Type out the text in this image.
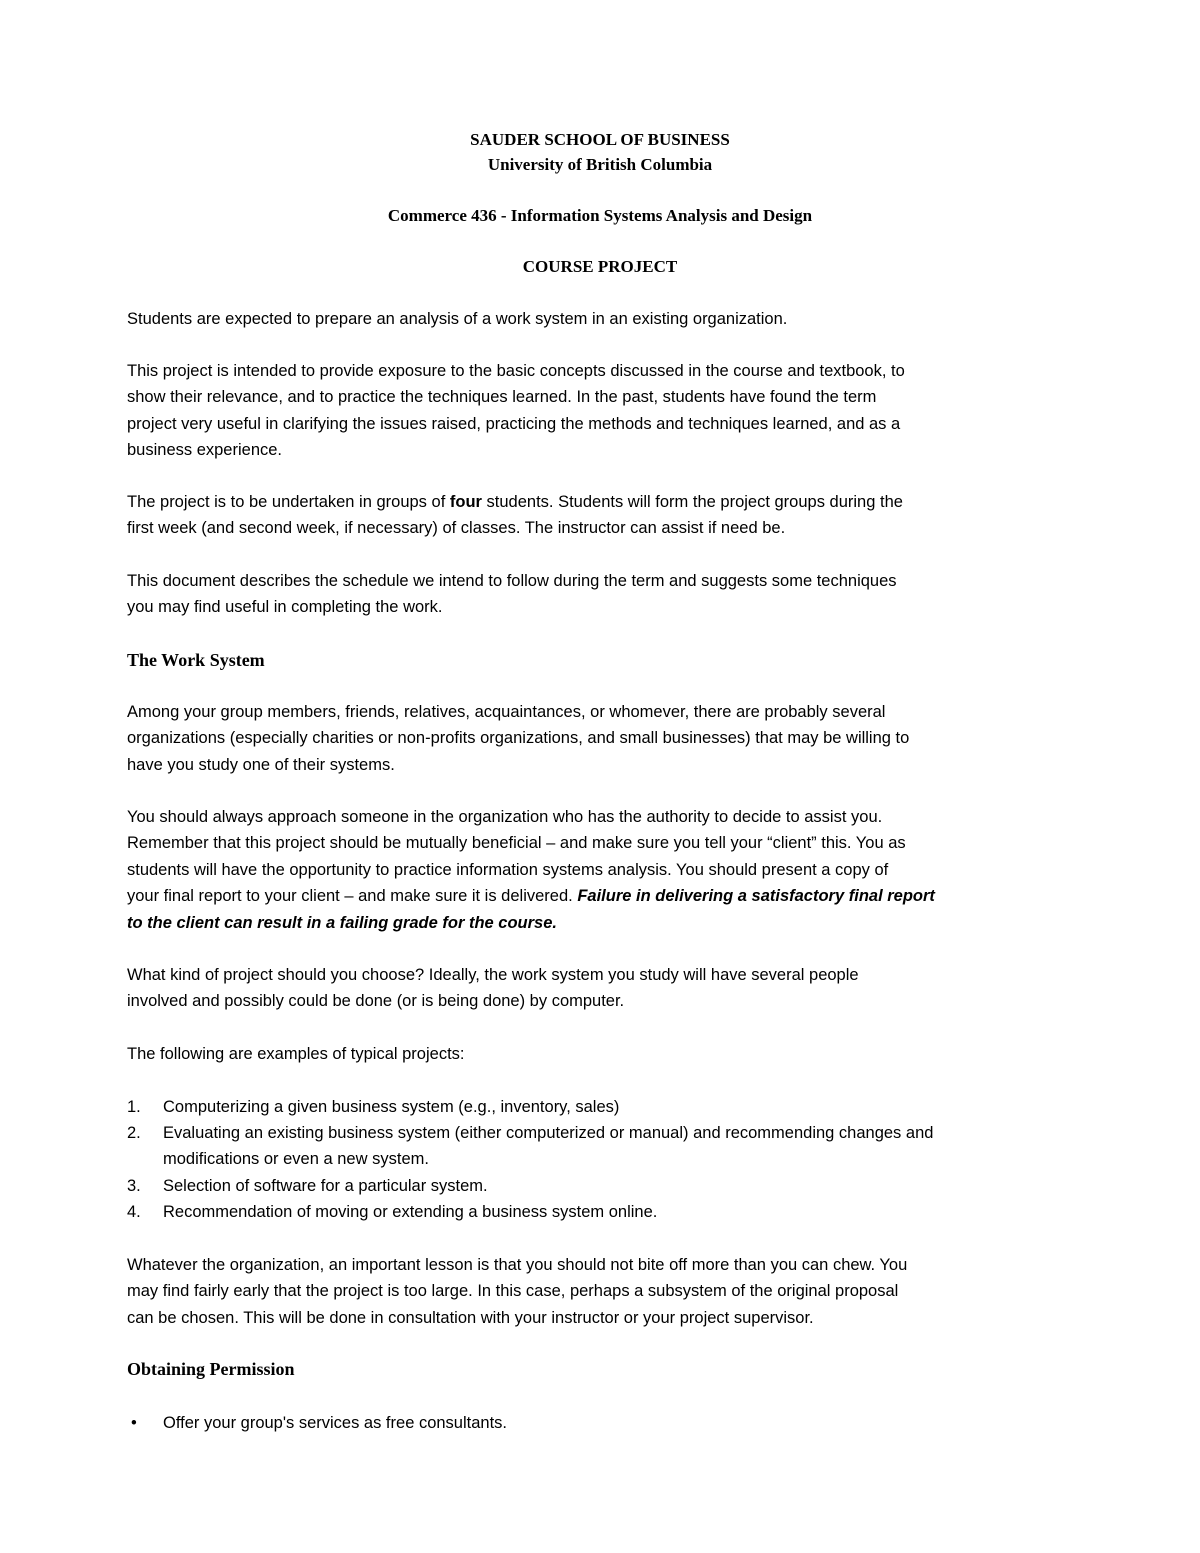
SAUDER SCHOOL OF BUSINESS
University of British Columbia
Commerce 436 - Information Systems Analysis and Design
COURSE PROJECT
Students are expected to prepare an analysis of a work system in an existing organization.
This project is intended to provide exposure to the basic concepts discussed in the course and textbook, to
show their relevance, and to practice the techniques learned. In the past, students have found the term
project very useful in clarifying the issues raised, practicing the methods and techniques learned, and as a
business experience.
The project is to be undertaken in groups of four students. Students will form the project groups during the
first week (and second week, if necessary) of classes. The instructor can assist if need be.
This document describes the schedule we intend to follow during the term and suggests some techniques
you may find useful in completing the work.
The Work System
Among your group members, friends, relatives, acquaintances, or whomever, there are probably several
organizations (especially charities or non-profits organizations, and small businesses) that may be willing to
have you study one of their systems.
You should always approach someone in the organization who has the authority to decide to assist you.
Remember that this project should be mutually beneficial – and make sure you tell your “client” this. You as
students will have the opportunity to practice information systems analysis. You should present a copy of
your final report to your client – and make sure it is delivered. Failure in delivering a satisfactory final report
to the client can result in a failing grade for the course.
What kind of project should you choose? Ideally, the work system you study will have several people
involved and possibly could be done (or is being done) by computer.
The following are examples of typical projects:
1.	Computerizing a given business system (e.g., inventory, sales)
2.	Evaluating an existing business system (either computerized or manual) and recommending changes and
modifications or even a new system.
3.	Selection of software for a particular system.
4.	Recommendation of moving or extending a business system online.
Whatever the organization, an important lesson is that you should not bite off more than you can chew. You
may find fairly early that the project is too large. In this case, perhaps a subsystem of the original proposal
can be chosen. This will be done in consultation with your instructor or your project supervisor.
Obtaining Permission
•	Offer your group's services as free consultants.
